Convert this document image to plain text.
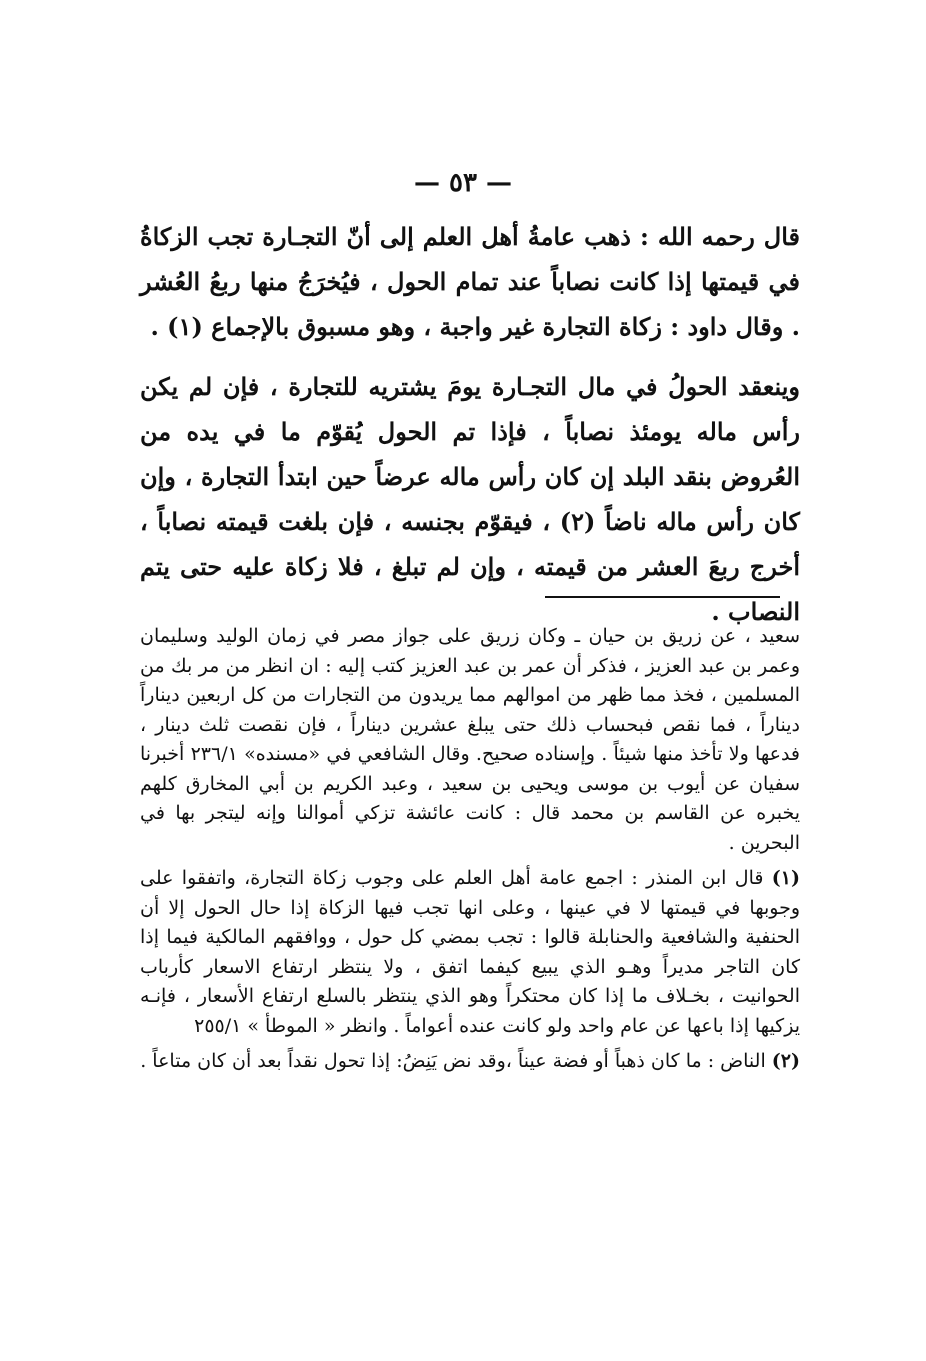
— ٥٣ —
قال رحمه الله : ذهب عامةُ أهل العلم إلى أنّ التجـارة تجب الزكاةُ في قيمتها إذا كانت نصاباً عند تمام الحول ، فيُخرَجُ منها ربعُ العُشر . وقال داود : زكاة التجارة غير واجبة ، وهو مسبوق بالإجماع (١) .
وينعقد الحولُ في مال التجـارة يومَ يشتريه للتجارة ، فإن لم يكن رأس ماله يومئذ نصاباً ، فإذا تم الحول يُقوّم ما في يده من العُروض بنقد البلد إن كان رأس ماله عرضاً حين ابتدأ التجارة ، وإن كان رأس ماله ناضاً (٢) ، فيقوّم بجنسه ، فإن بلغت قيمته نصاباً ، أخرج ربعَ العشر من قيمته ، وإن لم تبلغ ، فلا زكاة عليه حتى يتم النصاب .

سعيد ، عن زريق بن حيان ـ وكان زريق على جواز مصر في زمان الوليد وسليمان وعمر بن عبد العزيز ، فذكر أن عمر بن عبد العزيز كتب إليه : ان انظر من مر بك من المسلمين ، فخذ مما ظهر من اموالهم مما يريدون من التجارات من كل اربعين ديناراً ديناراً ، فما نقص فبحساب ذلك حتى يبلغ عشرين ديناراً ، فإن نقصت ثلث دينار ، فدعها ولا تأخذ منها شيئاً . وإسناده صحيح. وقال الشافعي في «مسنده» ٢٣٦/١ أخبرنا سفيان عن أيوب بن موسى ويحيى بن سعيد ، وعبد الكريم بن أبي المخارق كلهم يخبره عن القاسم بن محمد قال : كانت عائشة تزكي أموالنا وإنه ليتجر بها في البحرين .

(١) قال ابن المنذر : اجمع عامة أهل العلم على وجوب زكاة التجارة، واتفقوا على وجوبها في قيمتها لا في عينها ، وعلى انها تجب فيها الزكاة إذا حال الحول إلا أن الحنفية والشافعية والحنابلة قالوا : تجب بمضي كل حول ، ووافقهم المالكية فيما إذا كان التاجر مديراً وهـو الذي يبيع كيفما اتفق ، ولا ينتظر ارتفاع الاسعار كأرباب الحوانيت ، بخـلاف ما إذا كان محتكراً وهو الذي ينتظر بالسلع ارتفاع الأسعار ، فإنـه يزكيها إذا باعها عن عام واحد ولو كانت عنده أعواماً . وانظر « الموطأ » ٢٥٥/١

(٢) الناض : ما كان ذهباً أو فضة عيناً ،وقد نض يَنِضُ: إذا تحول نقداً بعد أن كان متاعاً .
